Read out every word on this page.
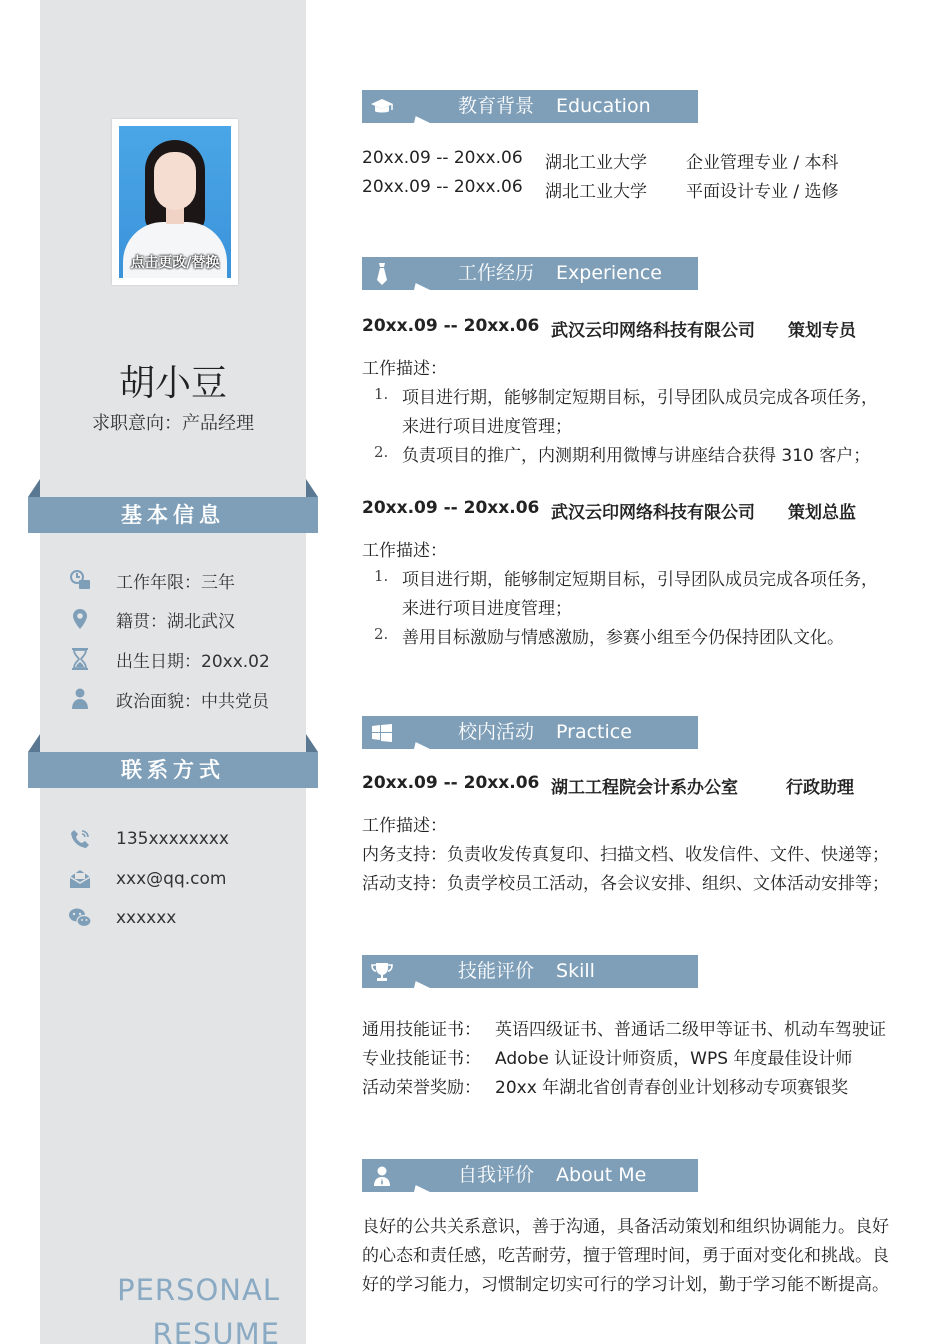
点击更改/替换
胡小豆
求职意向：产品经理
基本信息
工作年限：三年
籍贯：湖北武汉
出生日期：20xx.02
政治面貌：中共党员
联系方式
135xxxxxxxx
xxx@qq.com
xxxxxx
PERSONAL
RESUME
教育背景 Education
20xx.09 -- 20xx.06 湖北工业大学 企业管理专业 / 本科
20xx.09 -- 20xx.06 湖北工业大学 平面设计专业 / 选修
工作经历 Experience
20xx.09 -- 20xx.06 武汉云印网络科技有限公司 策划专员
工作描述：
1. 项目进行期，能够制定短期目标，引导团队成员完成各项任务，
来进行项目进度管理；
2. 负责项目的推广，内测期利用微博与讲座结合获得 310 客户；
20xx.09 -- 20xx.06 武汉云印网络科技有限公司 策划总监
工作描述：
1. 项目进行期，能够制定短期目标，引导团队成员完成各项任务，
来进行项目进度管理；
2. 善用目标激励与情感激励，参赛小组至今仍保持团队文化。
校内活动 Practice
20xx.09 -- 20xx.06 湖工工程院会计系办公室	行政助理
工作描述：
内务支持：负责收发传真复印、扫描文档、收发信件、文件、快递等；
活动支持：负责学校员工活动，各会议安排、组织、文体活动安排等；
技能评价 Skill
通用技能证书： 英语四级证书、普通话二级甲等证书、机动车驾驶证
专业技能证书： Adobe 认证设计师资质，WPS 年度最佳设计师
活动荣誉奖励： 20xx 年湖北省创青春创业计划移动专项赛银奖
自我评价 About Me
良好的公共关系意识，善于沟通，具备活动策划和组织协调能力。良好
的心态和责任感，吃苦耐劳，擅于管理时间，勇于面对变化和挑战。良
好的学习能力，习惯制定切实可行的学习计划，勤于学习能不断提高。
